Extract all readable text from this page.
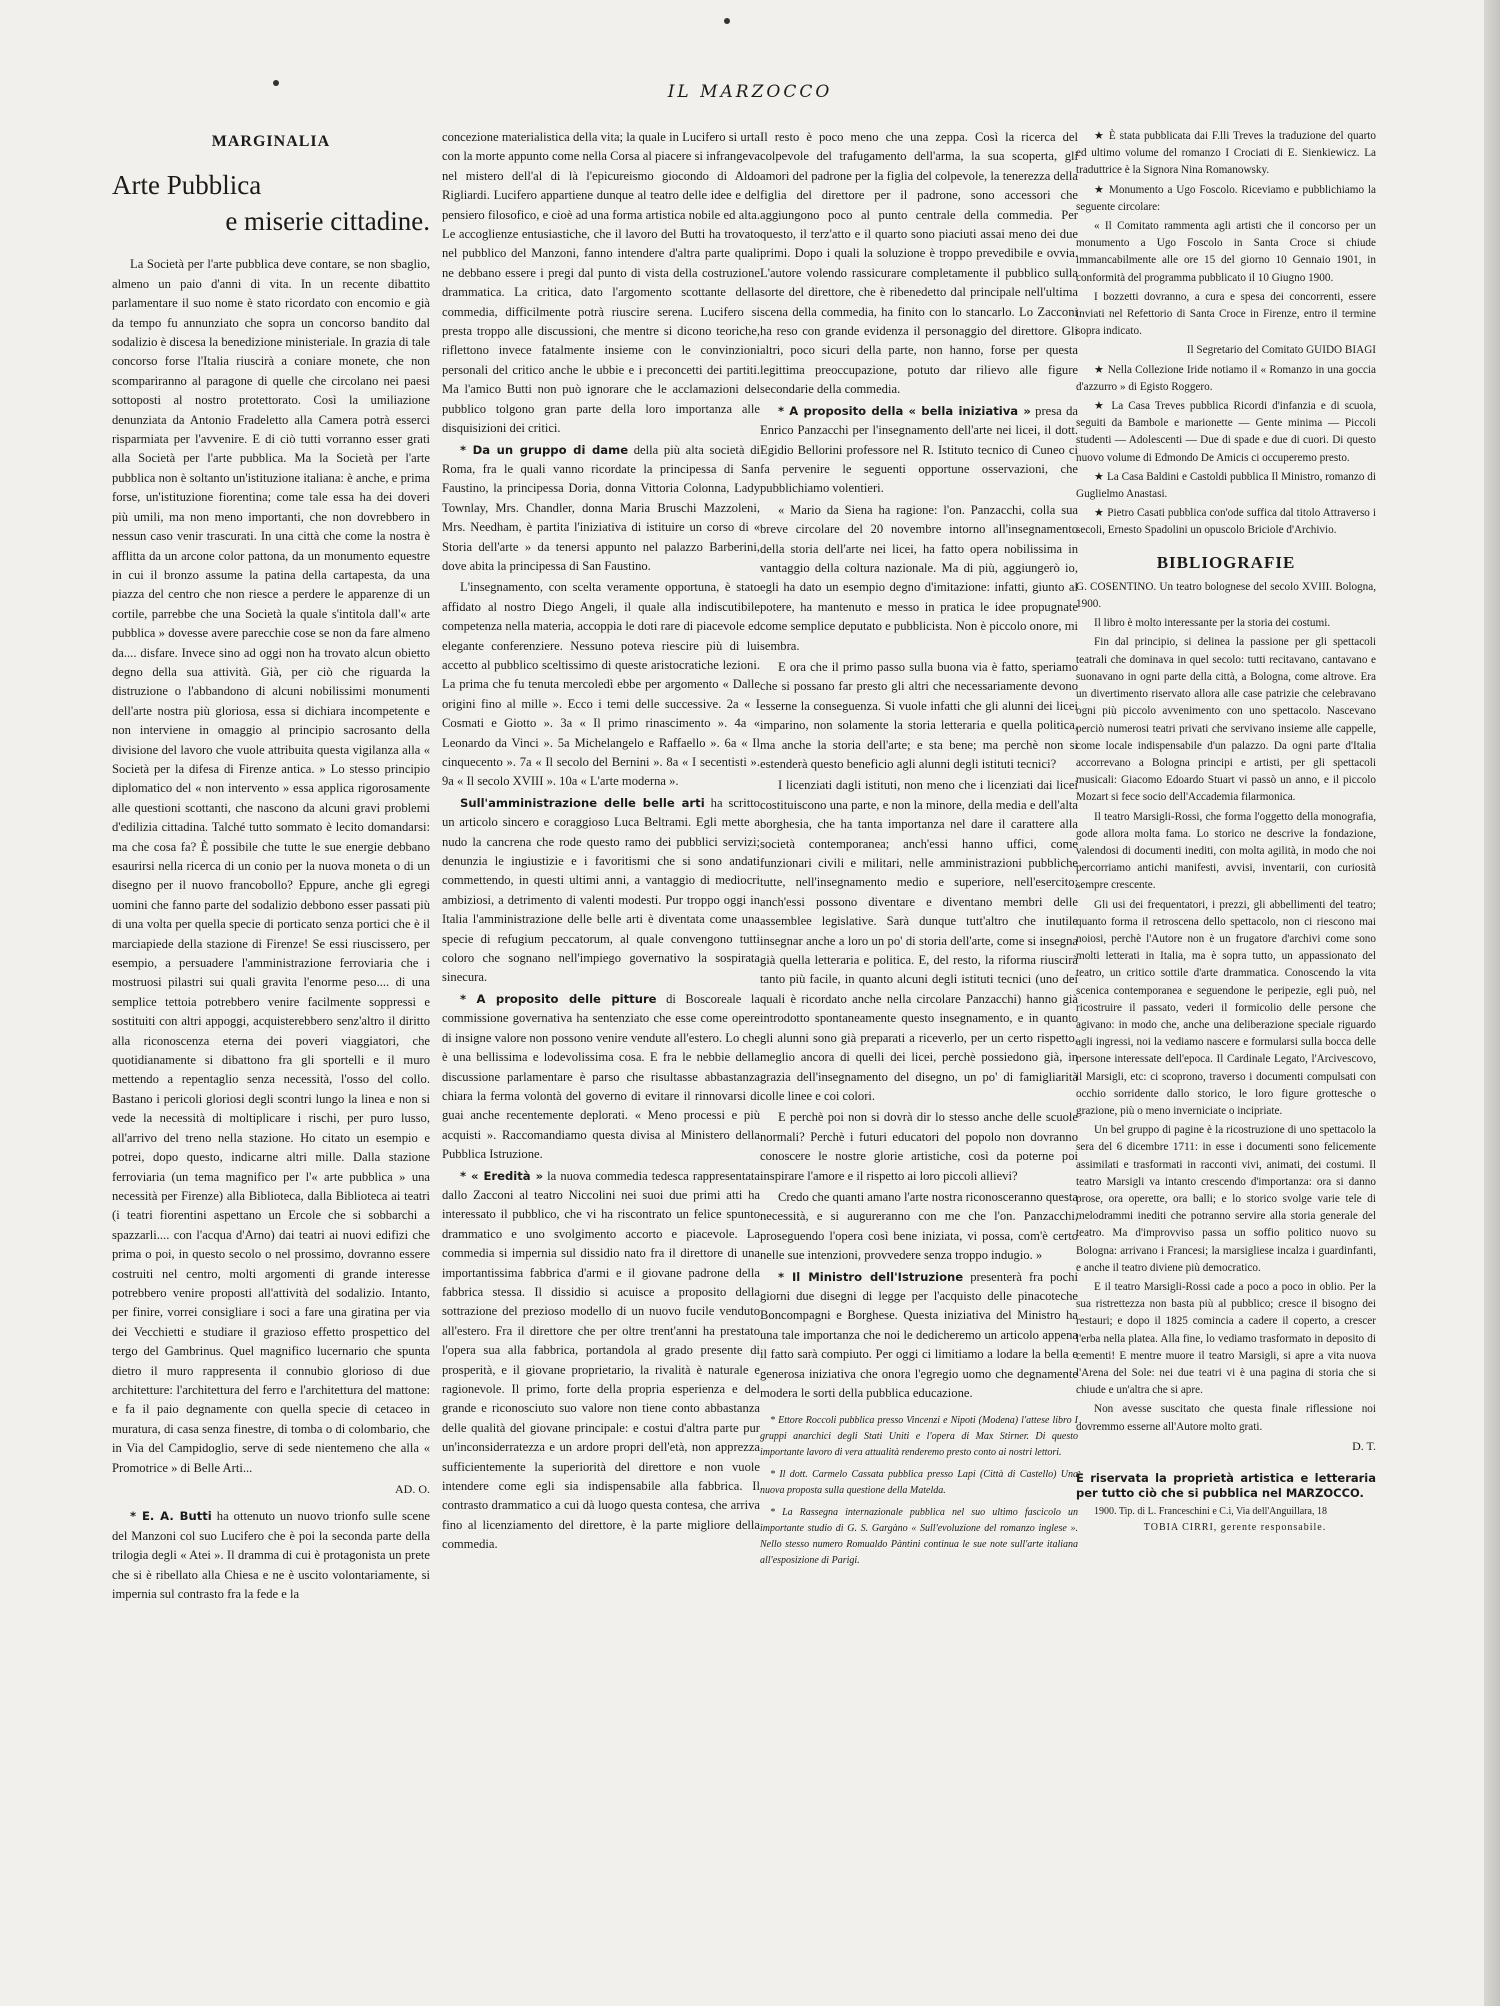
IL MARZOCCO
MARGINALIA
Arte Pubblica
e miserie cittadine.

La Società per l'arte pubblica deve contare, se non sbaglio, almeno un paio d'anni di vita. In un recente dibattito parlamentare il suo nome è stato ricordato con encomio e già da tempo fu annunziato che sopra un concorso bandito dal sodalizio è discesa la benedizione ministeriale. In grazia di tale concorso forse l'Italia riuscirà a coniare monete, che non scompariranno al paragone di quelle che circolano nei paesi sottoposti al nostro protettorato. Così la umiliazione denunziata da Antonio Fradeletto alla Camera potrà esserci risparmiata per l'avvenire. E di ciò tutti vorranno esser grati alla Società per l'arte pubblica. Ma la Società per l'arte pubblica non è soltanto un'istituzione italiana: è anche, e prima forse, un'istituzione fiorentina; come tale essa ha dei doveri più umili, ma non meno importanti, che non dovrebbero in nessun caso venir trascurati. In una città che come la nostra è afflitta da un arcone color pattona, da un monumento equestre in cui il bronzo assume la patina della cartapesta, da una piazza del centro che non riesce a perdere le apparenze di un cortile, parrebbe che una Società la quale s'intitola dall'« arte pubblica » dovesse avere parecchie cose se non da fare almeno da.... disfare. Invece sino ad oggi non ha trovato alcun obietto degno della sua attività. Già, per ciò che riguarda la distruzione o l'abbandono di alcuni nobilissimi monumenti dell'arte nostra più gloriosa, essa si dichiara incompetente e non interviene in omaggio al principio sacrosanto della divisione del lavoro che vuole attribuita questa vigilanza alla « Società per la difesa di Firenze antica. » Lo stesso principio diplomatico del « non intervento » essa applica rigorosamente alle questioni scottanti, che nascono da alcuni gravi problemi d'edilizia cittadina. Talché tutto sommato è lecito domandarsi: ma che cosa fa? È possibile che tutte le sue energie debbano esaurirsi nella ricerca di un conio per la nuova moneta o di un disegno per il nuovo francobollo? Eppure, anche gli egregi uomini che fanno parte del sodalizio debbono esser passati più di una volta per quella specie di porticato senza portici che è il marciapiede della stazione di Firenze! Se essi riuscissero, per esempio, a persuadere l'amministrazione ferroviaria che i mostruosi pilastri sui quali gravita l'enorme peso.... di una semplice tettoia potrebbero venire facilmente soppressi e sostituiti con altri appoggi, acquisterebbero senz'altro il diritto alla riconoscenza eterna dei poveri viaggiatori, che quotidianamente si dibattono fra gli sportelli e il muro mettendo a repentaglio senza necessità, l'osso del collo. Bastano i pericoli gloriosi degli scontri lungo la linea e non si vede la necessità di moltiplicare i rischi, per puro lusso, all'arrivo del treno nella stazione. Ho citato un esempio e potrei, dopo questo, indicarne altri mille. Dalla stazione ferroviaria (un tema magnifico per l'« arte pubblica » una necessità per Firenze) alla Biblioteca, dalla Biblioteca ai teatri (i teatri fiorentini aspettano un Ercole che si sobbarchi a spazzarli.... con l'acqua d'Arno) dai teatri ai nuovi edifizi che prima o poi, in questo secolo o nel prossimo, dovranno essere costruiti nel centro, molti argomenti di grande interesse potrebbero venire proposti all'attività del sodalizio. Intanto, per finire, vorrei consigliare i soci a fare una giratina per via dei Vecchietti e studiare il grazioso effetto prospettico del tergo del Gambrinus. Quel magnifico lucernario che spunta dietro il muro rappresenta il connubio glorioso di due architetture: l'architettura del ferro e l'architettura del mattone: e fa il paio degnamente con quella specie di cetaceo in muratura, di casa senza finestre, di tomba o di colombario, che in Via del Campidoglio, serve di sede nientemeno che alla « Promotrice » di Belle Arti...

AD. O.

* E. A. Butti ha ottenuto un nuovo trionfo sulle scene del Manzoni col suo Lucifero che è poi la seconda parte della trilogia degli « Atei ». Il dramma di cui è protagonista un prete che si è ribellato alla Chiesa e ne è uscito volontariamente, si impernia sul contrasto fra la fede e la

concezione materialistica della vita; la quale in Lucifero si urta con la morte appunto come nella Corsa al piacere si infrangeva nel mistero dell'al di là l'epicureismo giocondo di Aldo Rigliardi. Lucifero appartiene dunque al teatro delle idee e del pensiero filosofico, e cioè ad una forma artistica nobile ed alta. Le accoglienze entusiastiche, che il lavoro del Butti ha trovato nel pubblico del Manzoni, fanno intendere d'altra parte quali ne debbano essere i pregi dal punto di vista della costruzione drammatica. La critica, dato l'argomento scottante della commedia, difficilmente potrà riuscire serena. Lucifero si presta troppo alle discussioni, che mentre si dicono teoriche, riflettono invece fatalmente insieme con le convinzioni personali del critico anche le ubbie e i preconcetti dei partiti. Ma l'amico Butti non può ignorare che le acclamazioni del pubblico tolgono gran parte della loro importanza alle disquisizioni dei critici.

* Da un gruppo di dame della più alta società di Roma, fra le quali vanno ricordate la principessa di San Faustino, la principessa Doria, donna Vittoria Colonna, Lady Townlay, Mrs. Chandler, donna Maria Bruschi Mazzoleni, Mrs. Needham, è partita l'iniziativa di istituire un corso di « Storia dell'arte » da tenersi appunto nel palazzo Barberini, dove abita la principessa di San Faustino.

L'insegnamento, con scelta veramente opportuna, è stato affidato al nostro Diego Angeli, il quale alla indiscutibile competenza nella materia, accoppia le doti rare di piacevole ed elegante conferenziere. Nessuno poteva riescire più di lui accetto al pubblico sceltissimo di queste aristocratiche lezioni. La prima che fu tenuta mercoledì ebbe per argomento « Dalle origini fino al mille ». Ecco i temi delle successive. 2a « I Cosmati e Giotto ». 3a « Il primo rinascimento ». 4a « Leonardo da Vinci ». 5a Michelangelo e Raffaello ». 6a « Il cinquecento ». 7a « Il secolo del Bernini ». 8a « I secentisti ». 9a « Il secolo XVIII ». 10a « L'arte moderna ».

Sull'amministrazione delle belle arti ha scritto un articolo sincero e coraggioso Luca Beltrami. Egli mette a nudo la cancrena che rode questo ramo dei pubblici servizi; denunzia le ingiustizie e i favoritismi che si sono andati commettendo, in questi ultimi anni, a vantaggio di mediocri ambiziosi, a detrimento di valenti modesti. Pur troppo oggi in Italia l'amministrazione delle belle arti è diventata come una specie di refugium peccatorum, al quale convengono tutti coloro che sognano nell'impiego governativo la sospirata sinecura.

* A proposito delle pitture di Boscoreale la commissione governativa ha sentenziato che esse come opere di insigne valore non possono venire vendute all'estero. Lo che è una bellissima e lodevolissima cosa. E fra le nebbie della discussione parlamentare è parso che risultasse abbastanza chiara la ferma volontà del governo di evitare il rinnovarsi di guai anche recentemente deplorati. « Meno processi e più acquisti ». Raccomandiamo questa divisa al Ministero della Pubblica Istruzione.

* « Eredità » la nuova commedia tedesca rappresentata dallo Zacconi al teatro Niccolini nei suoi due primi atti ha interessato il pubblico, che vi ha riscontrato un felice spunto drammatico e uno svolgimento accorto e piacevole. La commedia si impernia sul dissidio nato fra il direttore di una importantissima fabbrica d'armi e il giovane padrone della fabbrica stessa. Il dissidio si acuisce a proposito della sottrazione del prezioso modello di un nuovo fucile venduto all'estero. Fra il direttore che per oltre trent'anni ha prestato l'opera sua alla fabbrica, portandola al grado presente di prosperità, e il giovane proprietario, la rivalità è naturale e ragionevole. Il primo, forte della propria esperienza e del grande e riconosciuto suo valore non tiene conto abbastanza delle qualità del giovane principale: e costui d'altra parte pur un'inconsiderratezza e un ardore propri dell'età, non apprezza sufficientemente la superiorità del direttore e non vuole intendere come egli sia indispensabile alla fabbrica. Il contrasto drammatico a cui dà luogo questa contesa, che arriva fino al licenziamento del direttore, è la parte migliore della commedia.

Il resto è poco meno che una zeppa. Così la ricerca del colpevole del trafugamento dell'arma, la sua scoperta, gli amori del padrone per la figlia del colpevole, la tenerezza della figlia del direttore per il padrone, sono accessori che aggiungono poco al punto centrale della commedia. Per questo, il terz'atto e il quarto sono piaciuti assai meno dei due primi. Dopo i quali la soluzione è troppo prevedibile e ovvia. L'autore volendo rassicurare completamente il pubblico sulla sorte del direttore, che è ribenedetto dal principale nell'ultima scena della commedia, ha finito con lo stancarlo. Lo Zacconi ha reso con grande evidenza il personaggio del direttore. Gli altri, poco sicuri della parte, non hanno, forse per questa legittima preoccupazione, potuto dar rilievo alle figure secondarie della commedia.

* A proposito della « bella iniziativa » presa da Enrico Panzacchi per l'insegnamento dell'arte nei licei, il dott. Egidio Bellorini professore nel R. Istituto tecnico di Cuneo ci fa pervenire le seguenti opportune osservazioni, che pubblichiamo volentieri.

« Mario da Siena ha ragione: l'on. Panzacchi, colla sua breve circolare del 20 novembre intorno all'insegnamento della storia dell'arte nei licei, ha fatto opera nobilissima in vantaggio della coltura nazionale. Ma di più, aggiungerò io, egli ha dato un esempio degno d'imitazione: infatti, giunto al potere, ha mantenuto e messo in pratica le idee propugnate come semplice deputato e pubblicista. Non è piccolo onore, mi sembra.

E ora che il primo passo sulla buona via è fatto, speriamo che si possano far presto gli altri che necessariamente devono esserne la conseguenza. Si vuole infatti che gli alunni dei licei imparino, non solamente la storia letteraria e quella politica, ma anche la storia dell'arte; e sta bene; ma perchè non si estenderà questo beneficio agli alunni degli istituti tecnici?

I licenziati dagli istituti, non meno che i licenziati dai licei costituiscono una parte, e non la minore, della media e dell'alta borghesia, che ha tanta importanza nel dare il carattere alla società contemporanea; anch'essi hanno uffici, come funzionari civili e militari, nelle amministrazioni pubbliche tutte, nell'insegnamento medio e superiore, nell'esercito; anch'essi possono diventare e diventano membri delle assemblee legislative. Sarà dunque tutt'altro che inutile insegnar anche a loro un po' di storia dell'arte, come si insegna già quella letteraria e politica. E, del resto, la riforma riuscirà tanto più facile, in quanto alcuni degli istituti tecnici (uno dei quali è ricordato anche nella circolare Panzacchi) hanno già introdotto spontaneamente questo insegnamento, e in quanto gli alunni sono già preparati a riceverlo, per un certo rispetto, meglio ancora di quelli dei licei, perchè possiedono già, in grazia dell'insegnamento del disegno, un po' di famigliarità colle linee e coi colori.

E perchè poi non si dovrà dir lo stesso anche delle scuole normali? Perchè i futuri educatori del popolo non dovranno conoscere le nostre glorie artistiche, così da poterne poi inspirare l'amore e il rispetto ai loro piccoli allievi?

Credo che quanti amano l'arte nostra riconosceranno questa necessità, e si augureranno con me che l'on. Panzacchi, proseguendo l'opera così bene iniziata, vi possa, com'è certo nelle sue intenzioni, provvedere senza troppo indugio. »

* Il Ministro dell'Istruzione presenterà fra pochi giorni due disegni di legge per l'acquisto delle pinacoteche Boncompagni e Borghese. Questa iniziativa del Ministro ha una tale importanza che noi le dedicheremo un articolo appena il fatto sarà compiuto. Per oggi ci limitiamo a lodare la bella e generosa iniziativa che onora l'egregio uomo che degnamente modera le sorti della pubblica educazione.

* Ettore Roccoli pubblica presso Vincenzi e Nipoti (Modena) l'attese libro I gruppi anarchici degli Stati Uniti e l'opera di Max Stirner. Di questo importante lavoro di vera attualità renderemo presto conto ai nostri lettori.

* Il dott. Carmelo Cassata pubblica presso Lapi (Città di Castello) Una nuova proposta sulla questione della Matelda.

* La Rassegna internazionale pubblica nel suo ultimo fascicolo un importante studio di G. S. Gargàno « Sull'evoluzione del romanzo inglese ». Nello stesso numero Romualdo Pàntini continua le sue note sull'arte italiana all'esposizione di Parigi.

★ È stata pubblicata dai F.lli Treves la traduzione del quarto ed ultimo volume del romanzo I Crociati di E. Sienkiewicz. La traduttrice è la Signora Nina Romanowsky.

★ Monumento a Ugo Foscolo. Riceviamo e pubblichiamo la seguente circolare:

« Il Comitato rammenta agli artisti che il concorso per un monumento a Ugo Foscolo in Santa Croce si chiude immancabilmente alle ore 15 del giorno 10 Gennaio 1901, in conformità del programma pubblicato il 10 Giugno 1900.

I bozzetti dovranno, a cura e spesa dei concorrenti, essere inviati nel Refettorio di Santa Croce in Firenze, entro il termine sopra indicato.

Il Segretario del Comitato GUIDO BIAGI

★ Nella Collezione Iride notiamo il « Romanzo in una goccia d'azzurro » di Egisto Roggero.

★ La Casa Treves pubblica Ricordi d'infanzia e di scuola, seguiti da Bambole e marionette — Gente minima — Piccoli studenti — Adolescenti — Due di spade e due di cuori. Di questo nuovo volume di Edmondo De Amicis ci occuperemo presto.

★ La Casa Baldini e Castoldi pubblica Il Ministro, romanzo di Guglielmo Anastasi.

★ Pietro Casati pubblica con'ode suffica dal titolo Attraverso i secoli, Ernesto Spadolini un opuscolo Briciole d'Archivio.

BIBLIOGRAFIE

G. COSENTINO. Un teatro bolognese del secolo XVIII. Bologna, 1900.

Il libro è molto interessante per la storia dei costumi.

Fin dal principio, si delinea la passione per gli spettacoli teatrali che dominava in quel secolo: tutti recitavano, cantavano e suonavano in ogni parte della città, a Bologna, come altrove. Era un divertimento riservato allora alle case patrizie che celebravano ogni più piccolo avvenimento con uno spettacolo. Nascevano perciò numerosi teatri privati che servivano insieme alle cappelle, come locale indispensabile d'un palazzo. Da ogni parte d'Italia accorrevano a Bologna principi e artisti, per gli spettacoli musicali: Giacomo Edoardo Stuart vi passò un anno, e il piccolo Mozart si fece socio dell'Accademia filarmonica.

Il teatro Marsigli-Rossi, che forma l'oggetto della monografia, gode allora molta fama. Lo storico ne descrive la fondazione, valendosi di documenti inediti, con molta agilità, in modo che noi percorriamo antichi manifesti, avvisi, inventarii, con curiosità sempre crescente.

Gli usi dei frequentatori, i prezzi, gli abbellimenti del teatro; quanto forma il retroscena dello spettacolo, non ci riescono mai noiosi, perchè l'Autore non è un frugatore d'archivi come sono molti letterati in Italia, ma è sopra tutto, un appassionato del teatro, un critico sottile d'arte drammatica. Conoscendo la vita scenica contemporanea e seguendone le peripezie, egli può, nel ricostruire il passato, vederi il formicolio delle persone che agivano: in modo che, anche una deliberazione speciale riguardo agli ingressi, noi la vediamo nascere e formularsi sulla bocca delle persone interessate dell'epoca. Il Cardinale Legato, l'Arcivescovo, il Marsigli, etc: ci scoprono, traverso i documenti compulsati con occhio sorridente dallo storico, le loro figure grottesche o grazione, più o meno inverniciate o incipriate.

Un bel gruppo di pagine è la ricostruzione di uno spettacolo la sera del 6 dicembre 1711: in esse i documenti sono felicemente assimilati e trasformati in racconti vivi, animati, dei costumi. Il teatro Marsigli va intanto crescendo d'importanza: ora si danno prose, ora operette, ora balli; e lo storico svolge varie tele di melodrammi inediti che potranno servire alla storia generale del teatro. Ma d'improvviso passa un soffio politico nuovo su Bologna: arrivano i Francesi; la marsigliese incalza i guardinfanti, e anche il teatro diviene più democratico.

E il teatro Marsigli-Rossi cade a poco a poco in oblio. Per la sua ristrettezza non basta più al pubblico; cresce il bisogno dei restauri; e dopo il 1825 comincia a cadere il coperto, a crescer l'erba nella platea. Alla fine, lo vediamo trasformato in deposito di cementi! E mentre muore il teatro Marsigli, si apre a vita nuova l'Arena del Sole: nei due teatri vi è una pagina di storia che si chiude e un'altra che si apre.

Non avesse suscitato che questa finale riflessione noi dovremmo esserne all'Autore molto grati.

D. T.
È riservata la proprietà artistica e letteraria per tutto ciò che si pubblica nel MARZOCCO.

1900. Tip. di L. Franceschini e C.i, Via dell'Anguillara, 18

TOBIA CIRRI, gerente responsabile.
